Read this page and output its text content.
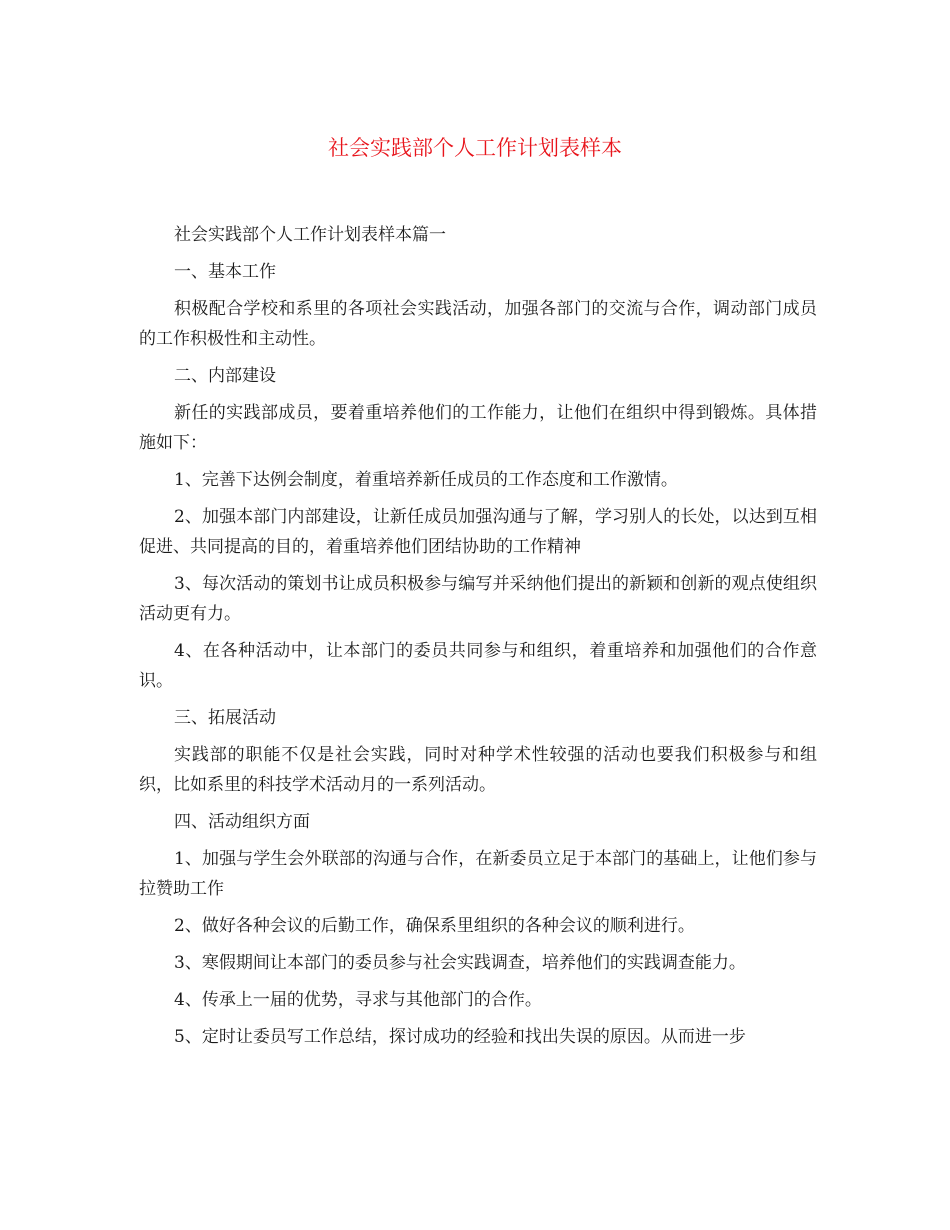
社会实践部个人工作计划表样本

社会实践部个人工作计划表样本篇一

一、基本工作

积极配合学校和系里的各项社会实践活动，加强各部门的交流与合作，调动部门成员的工作积极性和主动性。

二、内部建设

新任的实践部成员，要着重培养他们的工作能力，让他们在组织中得到锻炼。具体措施如下：

1、完善下达例会制度，着重培养新任成员的工作态度和工作激情。

2、加强本部门内部建设，让新任成员加强沟通与了解，学习别人的长处，以达到互相促进、共同提高的目的，着重培养他们团结协助的工作精神

3、每次活动的策划书让成员积极参与编写并采纳他们提出的新颖和创新的观点使组织活动更有力。

4、在各种活动中，让本部门的委员共同参与和组织，着重培养和加强他们的合作意识。

三、拓展活动

实践部的职能不仅是社会实践，同时对种学术性较强的活动也要我们积极参与和组织，比如系里的科技学术活动月的一系列活动。

四、活动组织方面

1、加强与学生会外联部的沟通与合作，在新委员立足于本部门的基础上，让他们参与拉赞助工作

2、做好各种会议的后勤工作，确保系里组织的各种会议的顺利进行。

3、寒假期间让本部门的委员参与社会实践调查，培养他们的实践调查能力。

4、传承上一届的优势，寻求与其他部门的合作。

5、定时让委员写工作总结，探讨成功的经验和找出失误的原因。从而进一步
